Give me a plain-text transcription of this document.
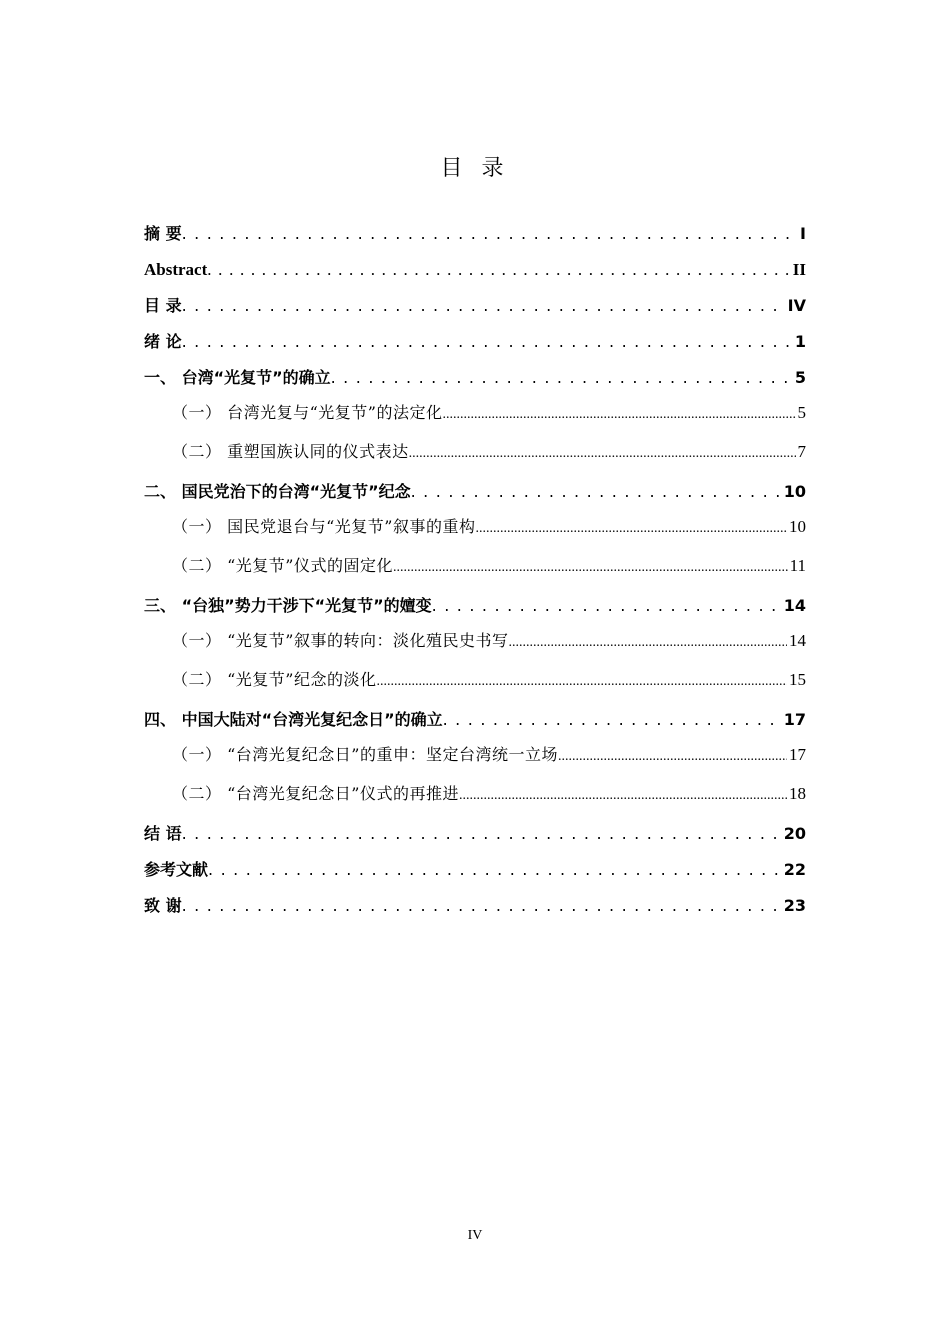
目 录
摘 要 . . .	I
Abstract . . .	II
目 录 . . .	IV
绪 论 . . .	1
一、 台湾“光复节”的确立 . . .	5
（一） 台湾光复与“光复节”的法定化 .....	5
（二） 重塑国族认同的仪式表达 .....	7
二、 国民党治下的台湾“光复节”纪念 . . .	10
（一） 国民党退台与“光复节”叙事的重构 .....	10
（二） “光复节”仪式的固定化 .....	11
三、 “台独”势力干涉下“光复节”的嬗变 . . .	14
（一） “光复节”叙事的转向：淡化殖民史书写 .....	14
（二） “光复节”纪念的淡化 .....	15
四、 中国大陆对“台湾光复纪念日”的确立 . . .	17
（一） “台湾光复纪念日”的重申：坚定台湾统一立场 .....	17
（二） “台湾光复纪念日”仪式的再推进 .....	18
结 语 . . .	20
参考文献 . . .	22
致 谢 . . .	23
IV
